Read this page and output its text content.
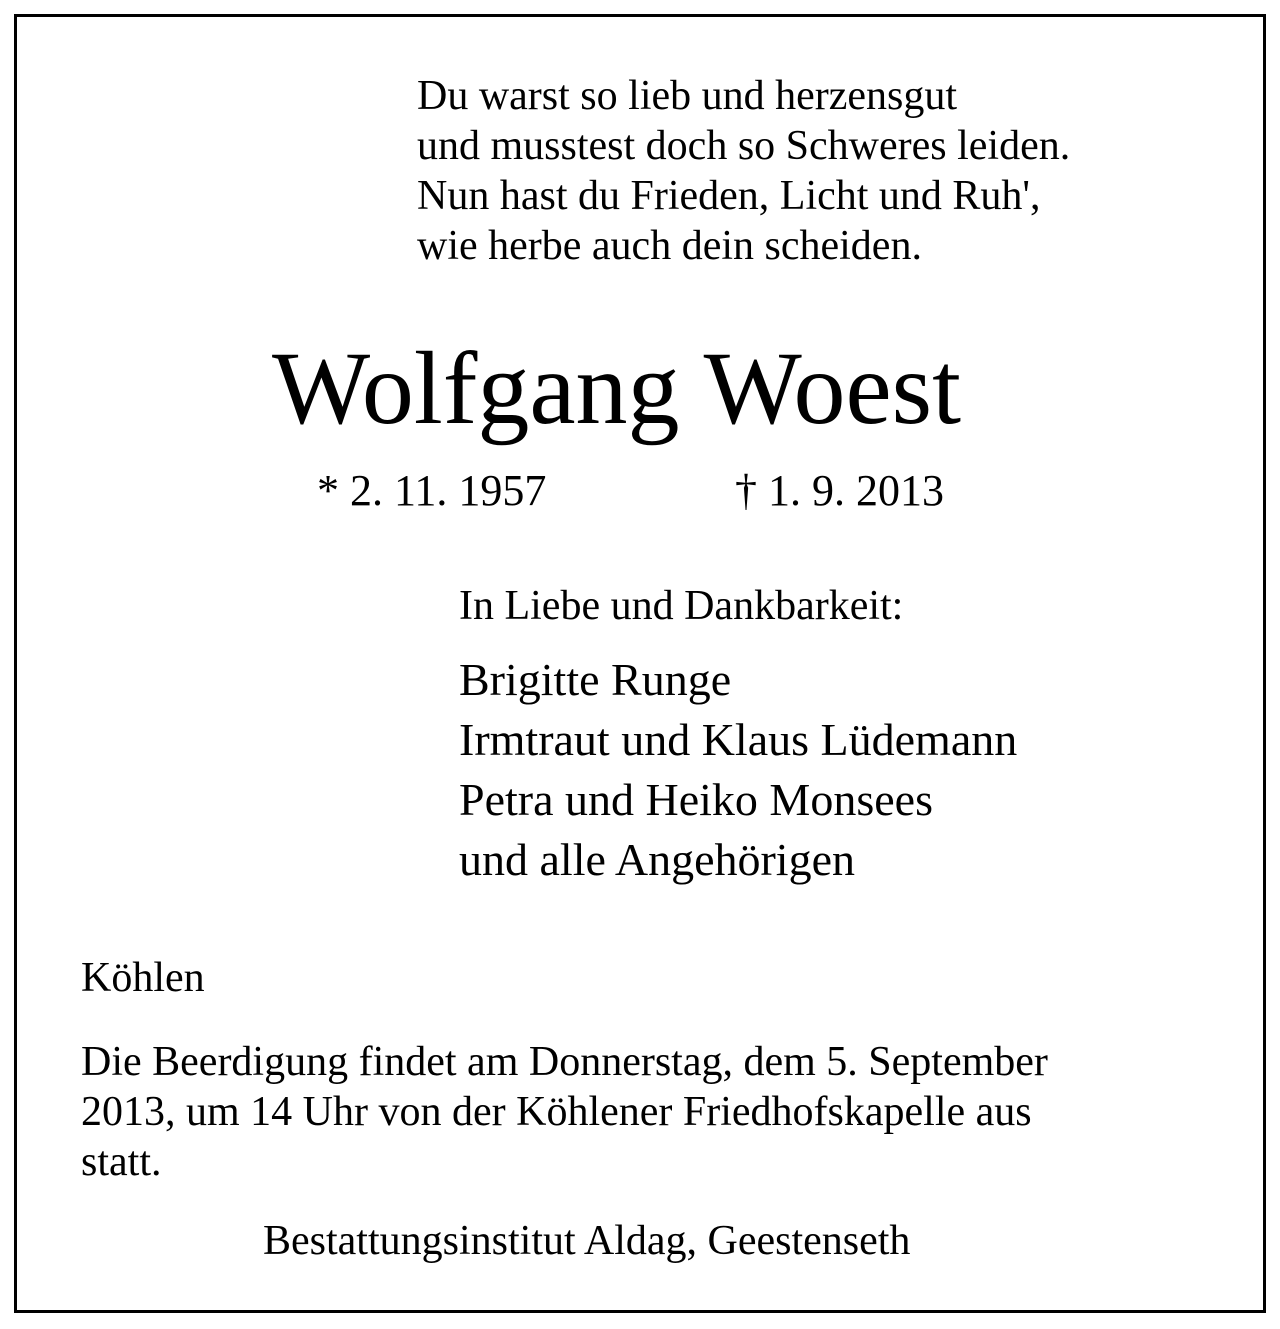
Du warst so lieb und herzensgut
und musstest doch so Schweres leiden.
Nun hast du Frieden, Licht und Ruh',
wie herbe auch dein scheiden.
Wolfgang Woest
* 2. 11. 1957	† 1. 9. 2013
In Liebe und Dankbarkeit:
Brigitte Runge
Irmtraut und Klaus Lüdemann
Petra und Heiko Monsees
und alle Angehörigen
Köhlen
Die Beerdigung findet am Donnerstag, dem 5. September
2013, um 14 Uhr von der Köhlener Friedhofskapelle aus
statt.
Bestattungsinstitut Aldag, Geestenseth
